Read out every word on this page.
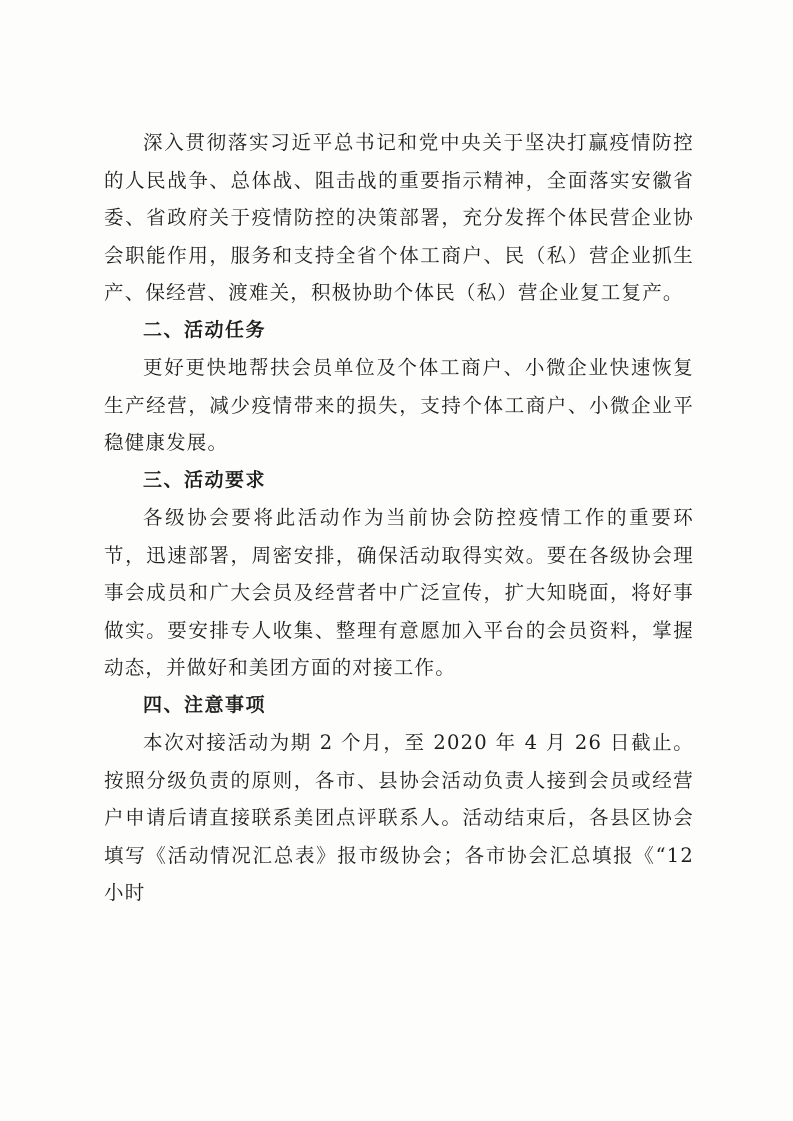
深入贯彻落实习近平总书记和党中央关于坚决打赢疫情防控的人民战争、总体战、阻击战的重要指示精神，全面落实安徽省委、省政府关于疫情防控的决策部署，充分发挥个体民营企业协会职能作用，服务和支持全省个体工商户、民（私）营企业抓生产、保经营、渡难关，积极协助个体民（私）营企业复工复产。

二、活动任务

更好更快地帮扶会员单位及个体工商户、小微企业快速恢复生产经营，减少疫情带来的损失，支持个体工商户、小微企业平稳健康发展。

三、活动要求

各级协会要将此活动作为当前协会防控疫情工作的重要环节，迅速部署，周密安排，确保活动取得实效。要在各级协会理事会成员和广大会员及经营者中广泛宣传，扩大知晓面，将好事做实。要安排专人收集、整理有意愿加入平台的会员资料，掌握动态，并做好和美团方面的对接工作。

四、注意事项

本次对接活动为期 2 个月，至 2020 年 4 月 26 日截止。按照分级负责的原则，各市、县协会活动负责人接到会员或经营户申请后请直接联系美团点评联系人。活动结束后，各县区协会填写《活动情况汇总表》报市级协会；各市协会汇总填报《“12 小时
